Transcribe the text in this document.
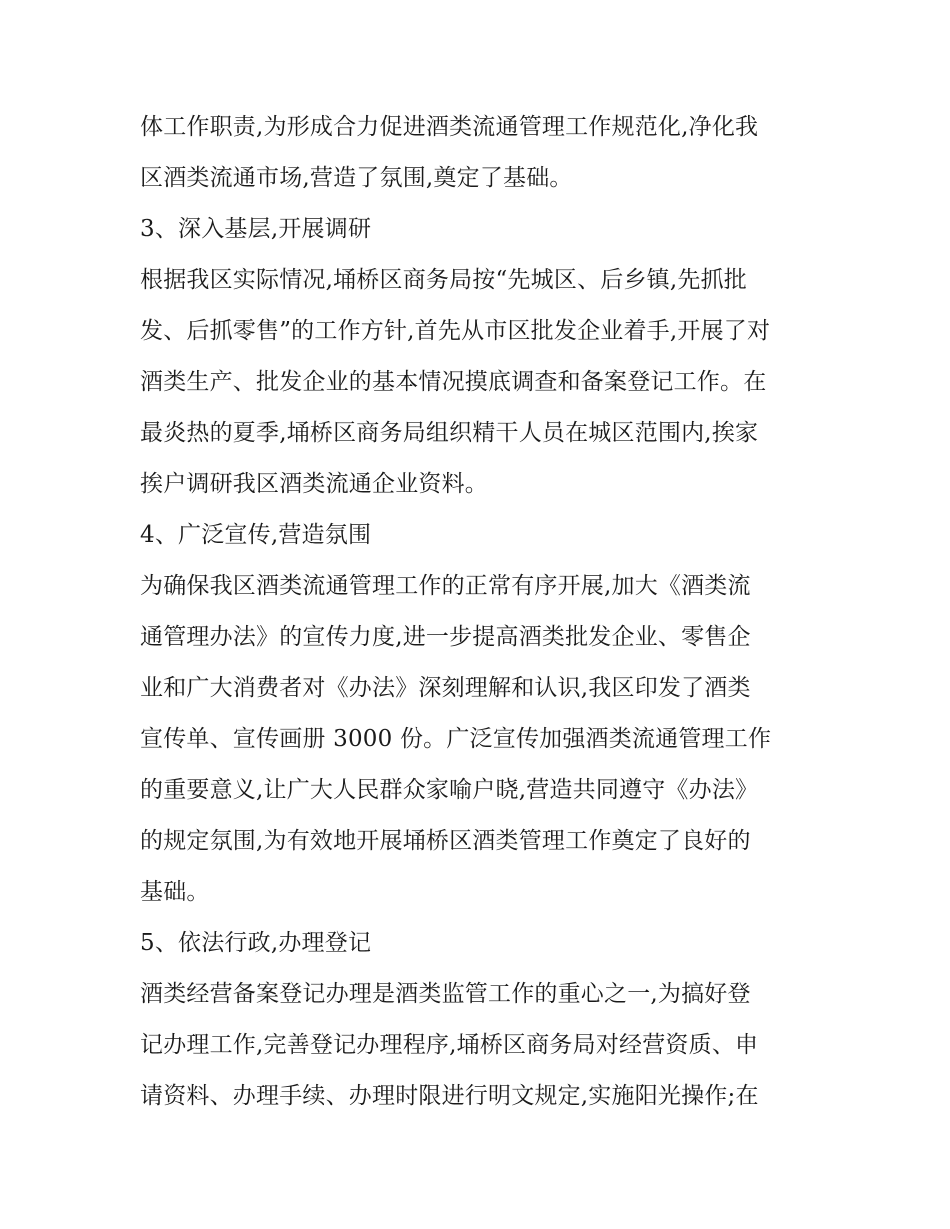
体工作职责,为形成合力促进酒类流通管理工作规范化,净化我
区酒类流通市场,营造了氛围,奠定了基础。
3、深入基层,开展调研
根据我区实际情况,埇桥区商务局按“先城区、后乡镇,先抓批
发、后抓零售”的工作方针,首先从市区批发企业着手,开展了对
酒类生产、批发企业的基本情况摸底调查和备案登记工作。在
最炎热的夏季,埇桥区商务局组织精干人员在城区范围内,挨家
挨户调研我区酒类流通企业资料。
4、广泛宣传,营造氛围
为确保我区酒类流通管理工作的正常有序开展,加大《酒类流
通管理办法》的宣传力度,进一步提高酒类批发企业、零售企
业和广大消费者对《办法》深刻理解和认识,我区印发了酒类
宣传单、宣传画册 3000 份。广泛宣传加强酒类流通管理工作
的重要意义,让广大人民群众家喻户晓,营造共同遵守《办法》
的规定氛围,为有效地开展埇桥区酒类管理工作奠定了良好的
基础。
5、依法行政,办理登记
酒类经营备案登记办理是酒类监管工作的重心之一,为搞好登
记办理工作,完善登记办理程序,埇桥区商务局对经营资质、申
请资料、办理手续、办理时限进行明文规定,实施阳光操作;在
